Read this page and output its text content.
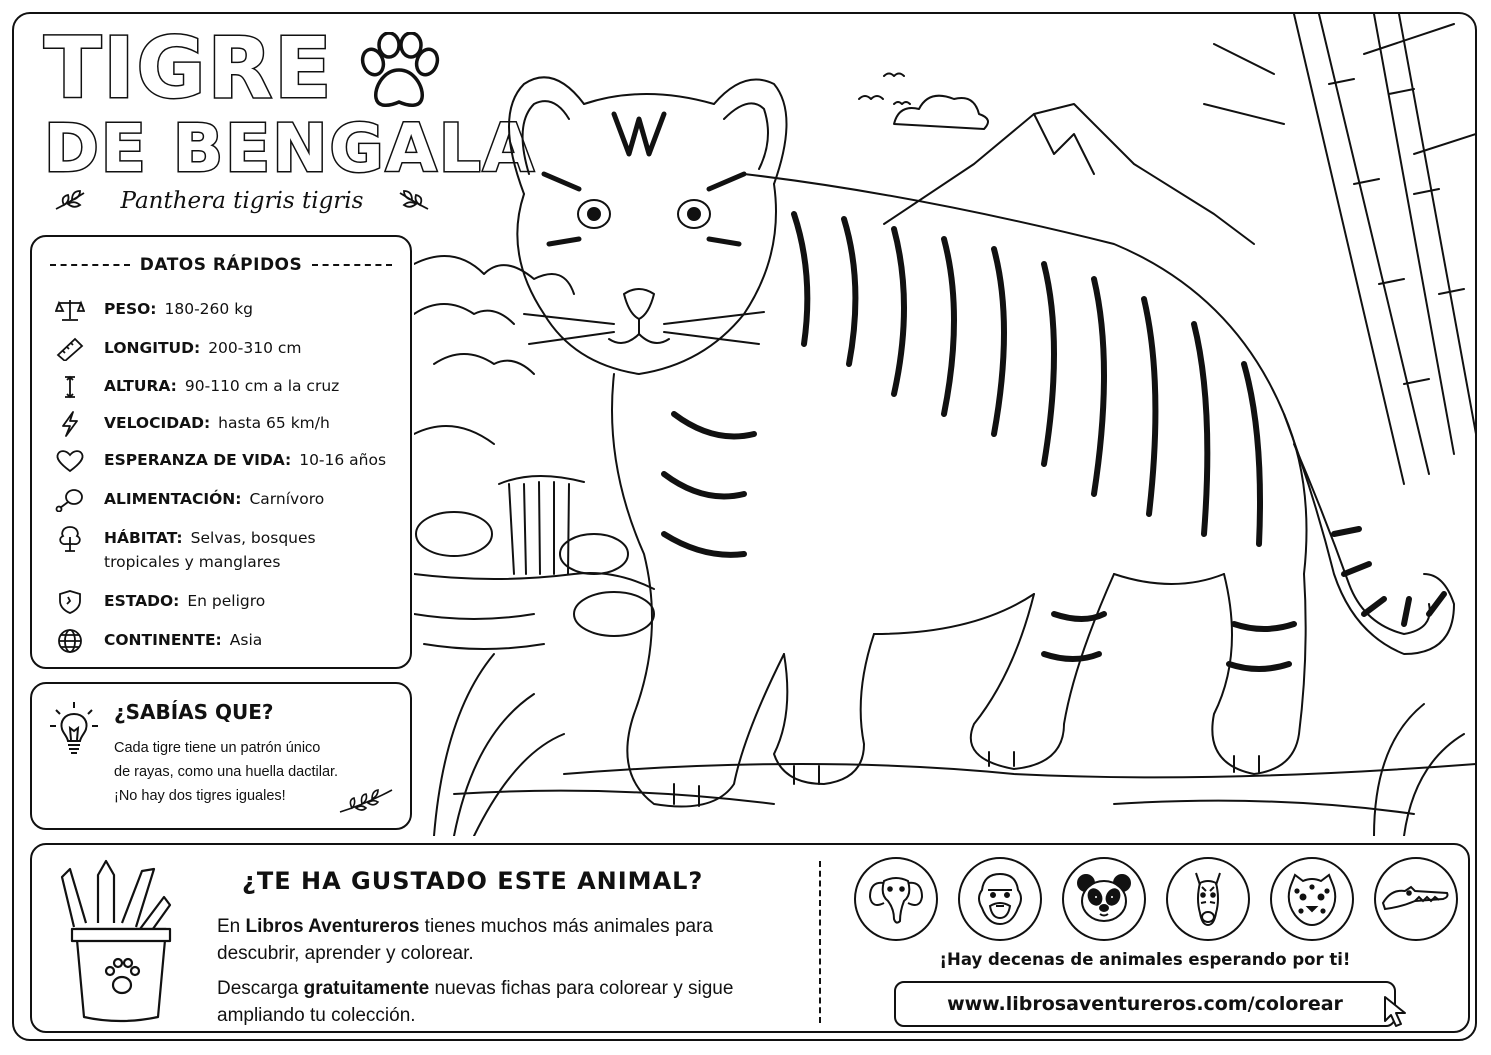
TIGRE
DE BENGALA
Panthera tigris tigris
DATOS RÁPIDOS
PESO: 180-260 kg
LONGITUD: 200-310 cm
ALTURA: 90-110 cm a la cruz
VELOCIDAD: hasta 65 km/h
ESPERANZA DE VIDA: 10-16 años
ALIMENTACIÓN: Carnívoro
HÁBITAT: Selvas, bosques
tropicales y manglares
ESTADO: En peligro
CONTINENTE: Asia
¿SABÍAS QUE?
Cada tigre tiene un patrón único
de rayas, como una huella dactilar.
¡No hay dos tigres iguales!
¿TE HA GUSTADO ESTE ANIMAL?
En Libros Aventureros tienes muchos más animales para descubrir, aprender y colorear.
Descarga gratuitamente nuevas fichas para colorear y sigue ampliando tu colección.
¡Hay decenas de animales esperando por ti!
www.librosaventureros.com/colorear
